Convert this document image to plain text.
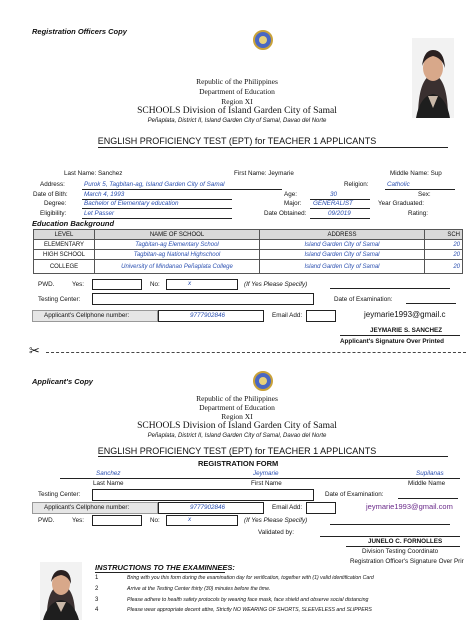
Registration Officers Copy
Republic of the Philippines
Department of Education
Region XI
SCHOOLS Division of Island Garden City of Samal
Peñaplata, District II, Island Garden City of Samal, Davao del Norte
ENGLISH PROFICIENCY TEST (EPT) for TEACHER 1 APPLICANTS
Last Name: Sanchez	First Name: Jeymarie	Middle Name: Sup
Address:	Purok 5, Tagbitan-ag, Island Garden City of Samal	Religion:	Catholic
Date of Bith:	March 4, 1993	Age:	30	Sex:
Degree:	Bachelor of Elementary education	Major: GENERALIST	Year Graduated:
Eligibility:	Let Passer	Date Obtained:	09/2019	Rating:
Education Background
LEVEL	NAME OF SCHOOL	ADDRESS	SCH
ELEMENTARY	Tagbitan-ag Elementary School	Island Garden City of Samal	20
HIGH SCHOOL	Tagbitan-ag National Highschool	Island Garden City of Samal	20
COLLEGE	University of Mindanao Peñaplata College	Island Garden City of Samal	20
PWD.	Yes:	No:	x	(If Yes Please Specify)
Testing Center:	Date of Examination:
Applicant's Cellphone number:	9777902846	Email Add:	jeymarie1993@gmail.c
JEYMARIE S. SANCHEZ
Applicant's Signature Over Printed
✂
Applicant's Copy
Republic of the Philippines
Department of Education
Region XI
SCHOOLS Division of Island Garden City of Samal
Peñaplata, District II, Island Garden City of Samal, Davao del Norte
ENGLISH PROFICIENCY TEST (EPT) for TEACHER 1 APPLICANTS
REGISTRATION FORM
Sanchez	Jeymarie	Supilanas
Last Name	First Name	Middle Name
Testing Center:	Date of Examination:
Applicant's Cellphone number:	9777902846	Email Add:	jeymarie1993@gmail.com
PWD.	Yes:	No:	x	(If Yes Please Specify)
Validated by:
JUNELO C. FORNOLLES
Division Testing Coordinato
Registration Officer's Signature Over Prir
INSTRUCTIONS TO THE EXAMINNEES:
1	Bring with you this form during the examination day for verification, together with (1) valid identification Card
2	Arrive at the Testing Center thirty (30) minutes before the time.
3	Please adhere to health safety protocols by wearing face mask, face shield and observe social distancing
4	Please wear appropriate decent attire, Strictly NO WEARING OF SHORTS, SLEEVELESS and SLIPPERS
